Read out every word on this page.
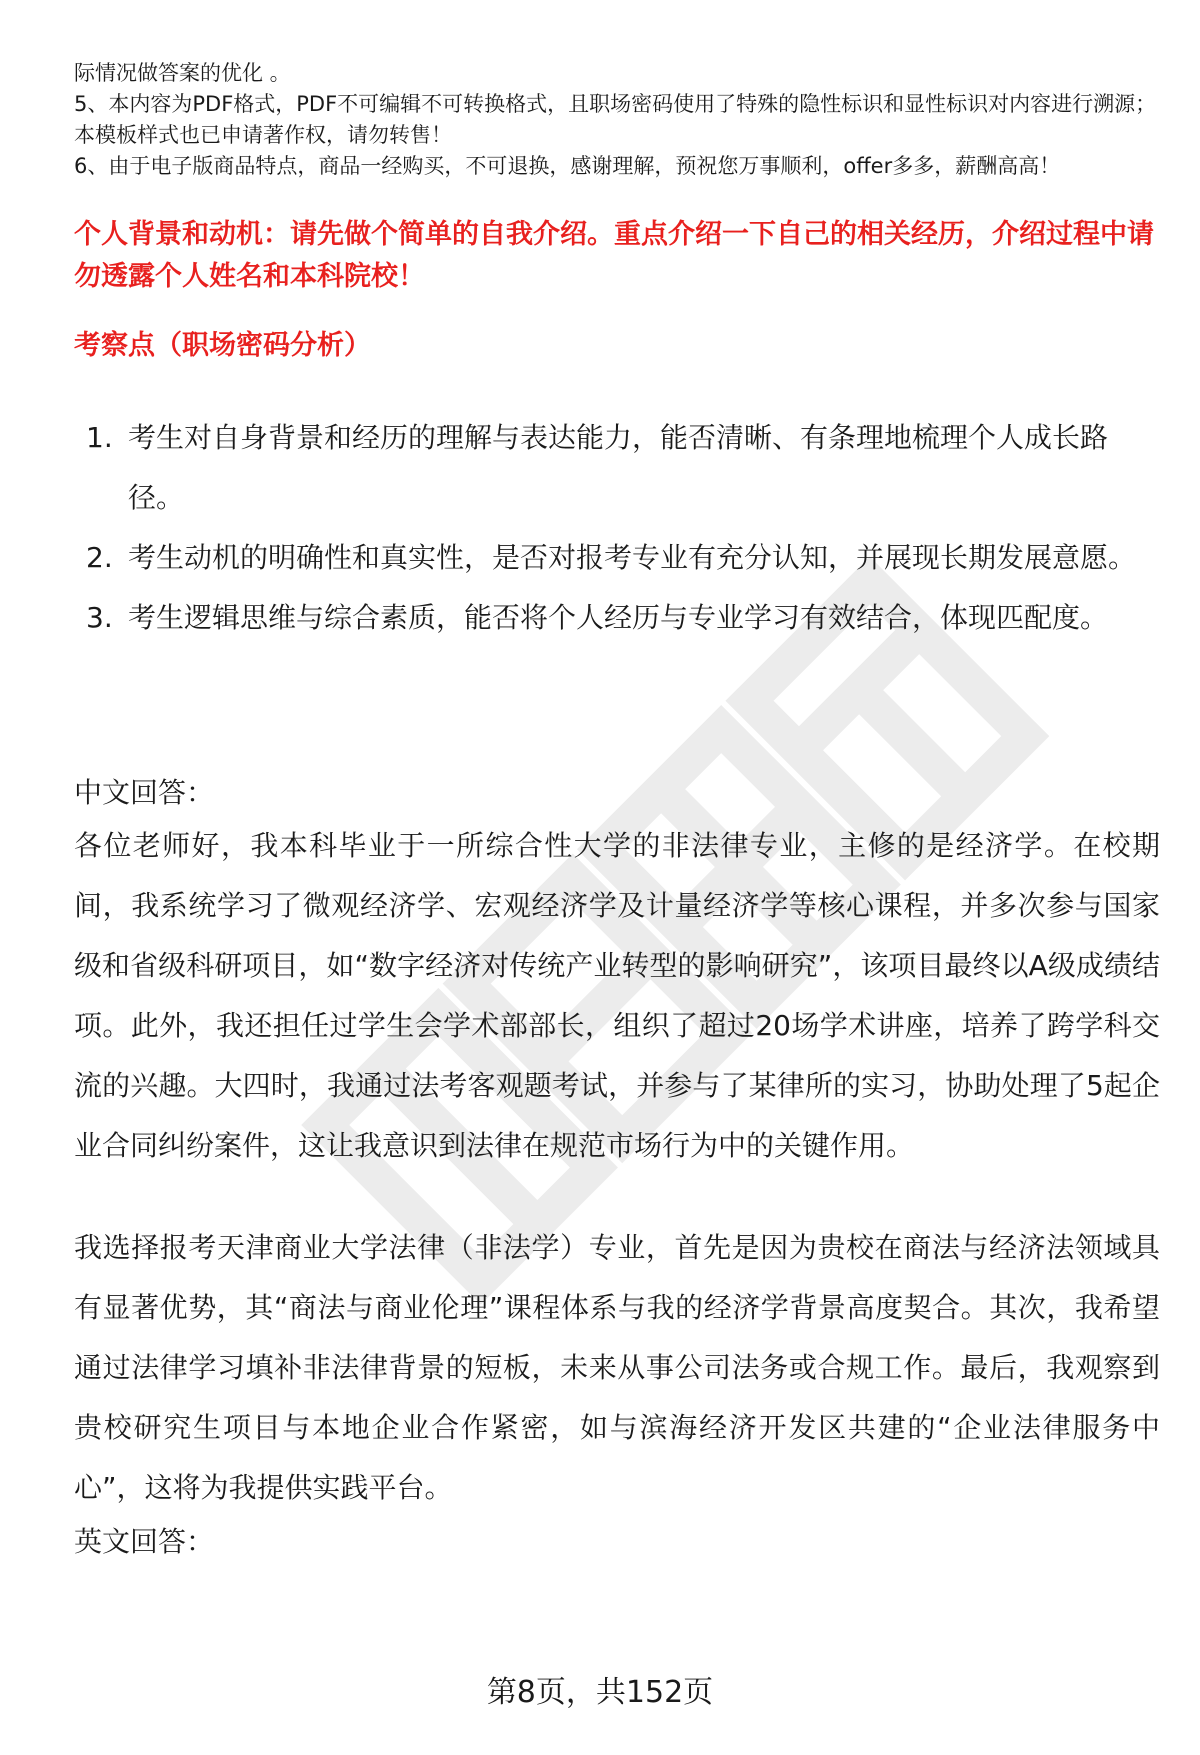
际情况做答案的优化 。

5、本内容为PDF格式，PDF不可编辑不可转换格式，且职场密码使用了特殊的隐性标识和显性标识对内容进行溯源；本模板样式也已申请著作权，请勿转售！

6、由于电子版商品特点，商品一经购买，不可退换，感谢理解，预祝您万事顺利，offer多多，薪酬高高！

个人背景和动机：请先做个简单的自我介绍。重点介绍一下自己的相关经历，介绍过程中请勿透露个人姓名和本科院校！

考察点（职场密码分析）
1. 考生对自身背景和经历的理解与表达能力，能否清晰、有条理地梳理个人成长路径。
2. 考生动机的明确性和真实性，是否对报考专业有充分认知，并展现长期发展意愿。
3. 考生逻辑思维与综合素质，能否将个人经历与专业学习有效结合，体现匹配度。
中文回答：

各位老师好，我本科毕业于一所综合性大学的非法律专业，主修的是经济学。在校期间，我系统学习了微观经济学、宏观经济学及计量经济学等核心课程，并多次参与国家级和省级科研项目，如“数字经济对传统产业转型的影响研究”，该项目最终以A级成绩结项。此外，我还担任过学生会学术部部长，组织了超过20场学术讲座，培养了跨学科交流的兴趣。大四时，我通过法考客观题考试，并参与了某律所的实习，协助处理了5起企业合同纠纷案件，这让我意识到法律在规范市场行为中的关键作用。

我选择报考天津商业大学法律（非法学）专业，首先是因为贵校在商法与经济法领域具有显著优势，其“商法与商业伦理”课程体系与我的经济学背景高度契合。其次，我希望通过法律学习填补非法律背景的短板，未来从事公司法务或合规工作。最后，我观察到贵校研究生项目与本地企业合作紧密，如与滨海经济开发区共建的“企业法律服务中心”，这将为我提供实践平台。

英文回答：
第8页，共152页
